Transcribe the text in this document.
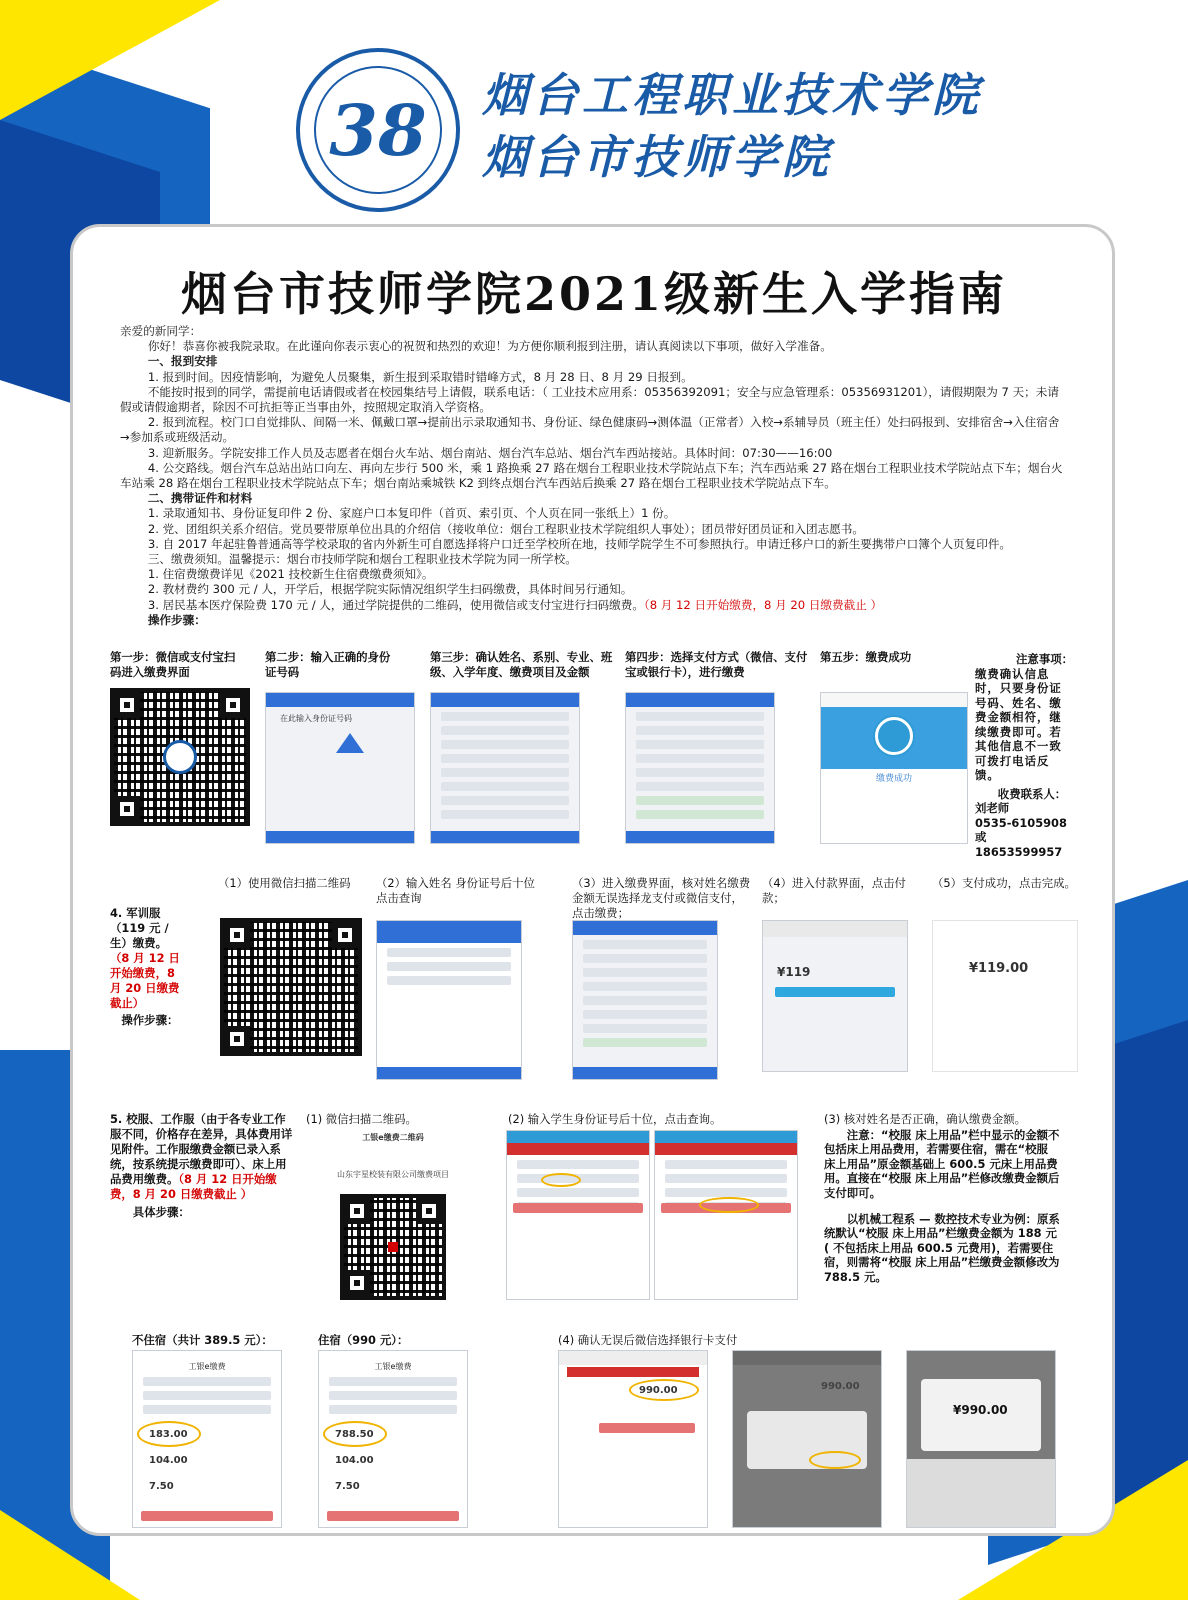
38 烟台工程职业技术学院
烟台市技师学院
烟台市技师学院2021级新生入学指南

亲爱的新同学：

你好！恭喜你被我院录取。在此谨向你表示衷心的祝贺和热烈的欢迎！为方便你顺利报到注册，请认真阅读以下事项，做好入学准备。

一、报到安排

1. 报到时间。因疫情影响，为避免人员聚集，新生报到采取错时错峰方式，8 月 28 日、8 月 29 日报到。

不能按时报到的同学，需提前电话请假或者在校园集结号上请假，联系电话：（ 工业技术应用系：05356392091；安全与应急管理系：05356931201），请假期限为 7 天；未请假或请假逾期者，除因不可抗拒等正当事由外，按照规定取消入学资格。

2. 报到流程。校门口自觉排队、间隔一米、佩戴口罩→提前出示录取通知书、身份证、绿色健康码→测体温（正常者）入校→系辅导员（班主任）处扫码报到、安排宿舍→入住宿舍→参加系或班级活动。

3. 迎新服务。学院安排工作人员及志愿者在烟台火车站、烟台南站、烟台汽车总站、烟台汽车西站接站。具体时间：07:30——16:00

4. 公交路线。烟台汽车总站出站口向左、再向左步行 500 米，乘 1 路换乘 27 路在烟台工程职业技术学院站点下车；汽车西站乘 27 路在烟台工程职业技术学院站点下车；烟台火车站乘 28 路在烟台工程职业技术学院站点下车；烟台南站乘城铁 K2 到终点烟台汽车西站后换乘 27 路在烟台工程职业技术学院站点下车。

二、携带证件和材料

1. 录取通知书、身份证复印件 2 份、家庭户口本复印件（首页、索引页、个人页在同一张纸上）1 份。

2. 党、团组织关系介绍信。党员要带原单位出具的介绍信（接收单位：烟台工程职业技术学院组织人事处）；团员带好团员证和入团志愿书。

3. 自 2017 年起驻鲁普通高等学校录取的省内外新生可自愿选择将户口迁至学校所在地，技师学院学生不可参照执行。申请迁移户口的新生要携带户口簿个人页复印件。

三、缴费须知。温馨提示：烟台市技师学院和烟台工程职业技术学院为同一所学校。

1. 住宿费缴费详见《2021 技校新生住宿费缴费须知》。

2. 教材费约 300 元 / 人，开学后，根据学院实际情况组织学生扫码缴费，具体时间另行通知。

3. 居民基本医疗保险费 170 元 / 人，通过学院提供的二维码，使用微信或支付宝进行扫码缴费。（8 月 12 日开始缴费，8 月 20 日缴费截止 ）

操作步骤：

第一步：微信或支付宝扫码进入缴费界面
第二步：输入正确的身份证号码
第三步：确认姓名、系别、专业、班级、入学年度、缴费项目及金额
第四步：选择支付方式（微信、支付宝或银行卡），进行缴费
第五步：缴费成功
在此输入身份证号码
缴费成功
注意事项：
缴费确认信息时，只要身份证号码、姓名、缴费金额相符，继续缴费即可。若其他信息不一致可拨打电话反馈。
收费联系人：刘老师
0535-6105908
或 18653599957
4. 军训服（119 元 / 生）缴费。
（8 月 12 日开始缴费，8 月 20 日缴费截止）
操作步骤：
（1）使用微信扫描二维码	（2）输入姓名 身份证号后十位 点击查询
（3）进入缴费界面，核对姓名缴费金额无误选择龙支付或微信支付，点击缴费；
（4）进入付款界面，点击付款；
（5）支付成功，点击完成。
¥119	¥119.00
5. 校服、工作服（由于各专业工作服不同，价格存在差异，具体费用详见附件。工作服缴费金额已录入系统，按系统提示缴费即可）、床上用品费用缴费。（8 月 12 日开始缴费，8 月 20 日缴费截止 ）
具体步骤：
(1) 微信扫描二维码。
工银e缴费二维码
山东宇星校装有限公司缴费项目
(2) 输入学生身份证号后十位，点击查询。	(3) 核对姓名是否正确，确认缴费金额。
注意：“校服 床上用品”栏中显示的金额不包括床上用品费用，若需要住宿，需在“校服 床上用品”原金额基础上 600.5 元床上用品费用。直接在“校服 床上用品”栏修改缴费金额后支付即可。
以机械工程系 — 数控技术专业为例：原系统默认“校服 床上用品”栏缴费金额为 188 元( 不包括床上用品 600.5 元费用)，若需要住宿，则需将“校服 床上用品”栏缴费金额修改为 788.5 元。
不住宿（共计 389.5 元）：	住宿（990 元）：	(4) 确认无误后微信选择银行卡支付
工银e缴费
183.00
104.00
7.50
工银e缴费
788.50
104.00
7.50
990.00	990.00
¥990.00
